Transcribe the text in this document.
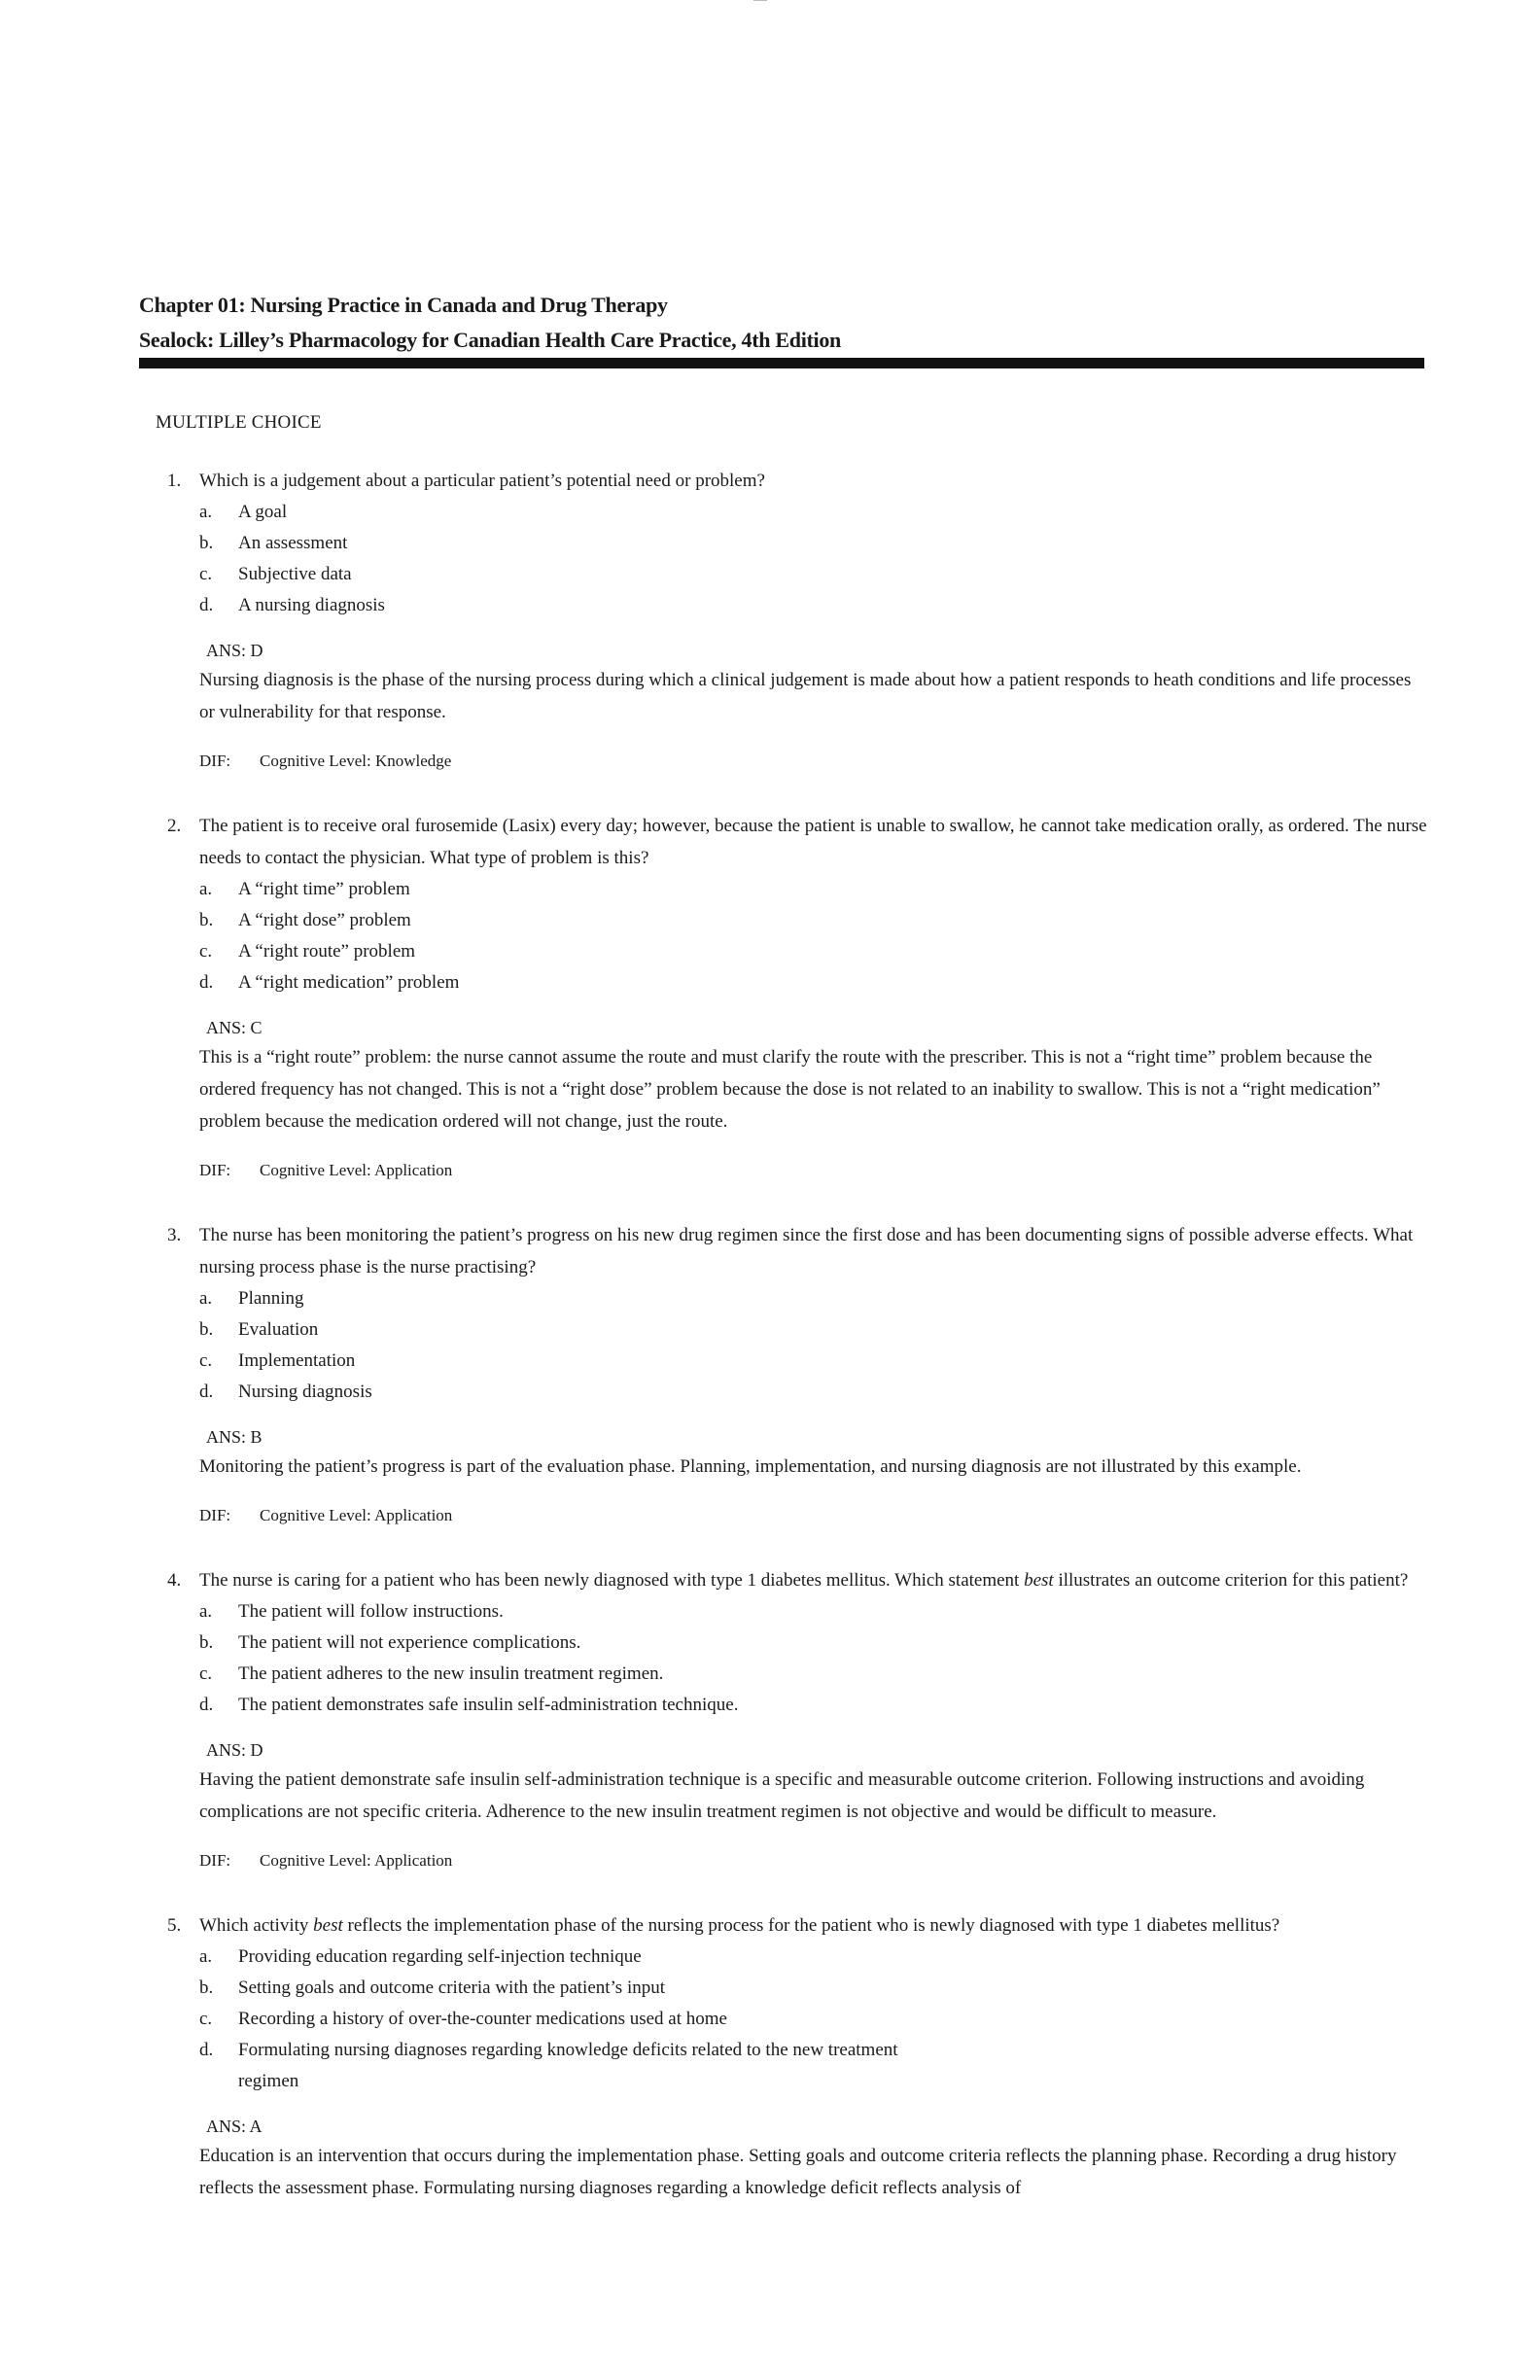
Chapter 01: Nursing Practice in Canada and Drug Therapy
Sealock: Lilley’s Pharmacology for Canadian Health Care Practice, 4th Edition
MULTIPLE CHOICE
1. Which is a judgement about a particular patient’s potential need or problem?
a. A goal
b. An assessment
c. Subjective data
d. A nursing diagnosis
ANS: D
Nursing diagnosis is the phase of the nursing process during which a clinical judgement is made about how a patient responds to heath conditions and life processes or vulnerability for that response.
DIF: Cognitive Level: Knowledge
2. The patient is to receive oral furosemide (Lasix) every day; however, because the patient is unable to swallow, he cannot take medication orally, as ordered. The nurse needs to contact the physician. What type of problem is this?
a. A “right time” problem
b. A “right dose” problem
c. A “right route” problem
d. A “right medication” problem
ANS: C
This is a “right route” problem: the nurse cannot assume the route and must clarify the route with the prescriber. This is not a “right time” problem because the ordered frequency has not changed. This is not a “right dose” problem because the dose is not related to an inability to swallow. This is not a “right medication” problem because the medication ordered will not change, just the route.
DIF: Cognitive Level: Application
3. The nurse has been monitoring the patient’s progress on his new drug regimen since the first dose and has been documenting signs of possible adverse effects. What nursing process phase is the nurse practising?
a. Planning
b. Evaluation
c. Implementation
d. Nursing diagnosis
ANS: B
Monitoring the patient’s progress is part of the evaluation phase. Planning, implementation, and nursing diagnosis are not illustrated by this example.
DIF: Cognitive Level: Application
4. The nurse is caring for a patient who has been newly diagnosed with type 1 diabetes mellitus. Which statement best illustrates an outcome criterion for this patient?
a. The patient will follow instructions.
b. The patient will not experience complications.
c. The patient adheres to the new insulin treatment regimen.
d. The patient demonstrates safe insulin self-administration technique.
ANS: D
Having the patient demonstrate safe insulin self-administration technique is a specific and measurable outcome criterion. Following instructions and avoiding complications are not specific criteria. Adherence to the new insulin treatment regimen is not objective and would be difficult to measure.
DIF: Cognitive Level: Application
5. Which activity best reflects the implementation phase of the nursing process for the patient who is newly diagnosed with type 1 diabetes mellitus?
a. Providing education regarding self-injection technique
b. Setting goals and outcome criteria with the patient’s input
c. Recording a history of over-the-counter medications used at home
d. Formulating nursing diagnoses regarding knowledge deficits related to the new treatment regimen
ANS: A
Education is an intervention that occurs during the implementation phase. Setting goals and outcome criteria reflects the planning phase. Recording a drug history reflects the assessment phase. Formulating nursing diagnoses regarding a knowledge deficit reflects analysis of
